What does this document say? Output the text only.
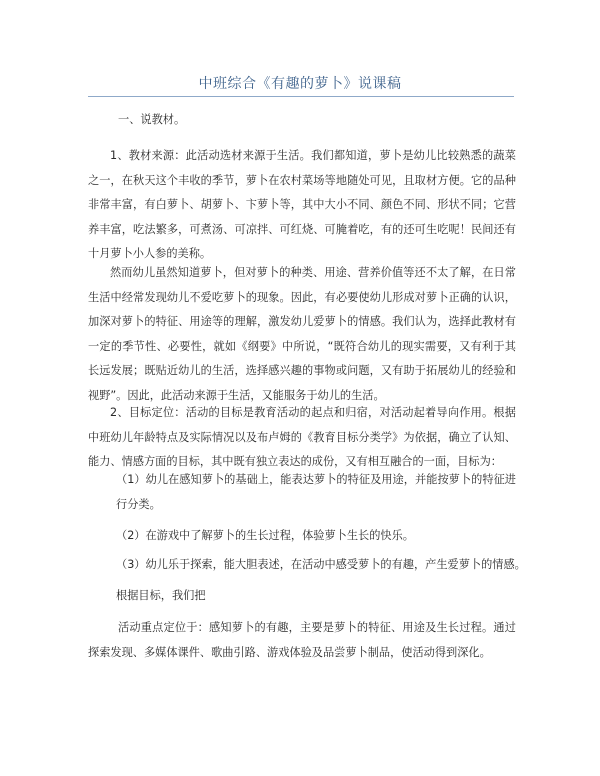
中班综合《有趣的萝卜》说课稿
一、说教材。
1、教材来源：此活动选材来源于生活。我们都知道，萝卜是幼儿比较熟悉的蔬菜之一，在秋天这个丰收的季节，萝卜在农村菜场等地随处可见，且取材方便。它的品种非常丰富，有白萝卜、胡萝卜、卞萝卜等，其中大小不同、颜色不同、形状不同；它营养丰富，吃法繁多，可煮汤、可凉拌、可红烧、可腌着吃，有的还可生吃呢！民间还有十月萝卜小人参的美称。
然而幼儿虽然知道萝卜，但对萝卜的种类、用途、营养价值等还不太了解，在日常生活中经常发现幼儿不爱吃萝卜的现象。因此，有必要使幼儿形成对萝卜正确的认识，加深对萝卜的特征、用途等的理解，激发幼儿爱萝卜的情感。我们认为，选择此教材有一定的季节性、必要性，就如《纲要》中所说，“既符合幼儿的现实需要，又有利于其长远发展；既贴近幼儿的生活，选择感兴趣的事物或问题，又有助于拓展幼儿的经验和视野”。因此，此活动来源于生活，又能服务于幼儿的生活。
2、目标定位：活动的目标是教育活动的起点和归宿，对活动起着导向作用。根据中班幼儿年龄特点及实际情况以及布卢姆的《教育目标分类学》为依据，确立了认知、能力、情感方面的目标，其中既有独立表达的成份，又有相互融合的一面，目标为：
（1）幼儿在感知萝卜的基础上，能表达萝卜的特征及用途，并能按萝卜的特征进行分类。
（2）在游戏中了解萝卜的生长过程，体验萝卜生长的快乐。
（3）幼儿乐于探索，能大胆表述，在活动中感受萝卜的有趣，产生爱萝卜的情感。
根据目标，我们把
活动重点定位于：感知萝卜的有趣，主要是萝卜的特征、用途及生长过程。通过探索发现、多媒体课件、歌曲引路、游戏体验及品尝萝卜制品，使活动得到深化。
